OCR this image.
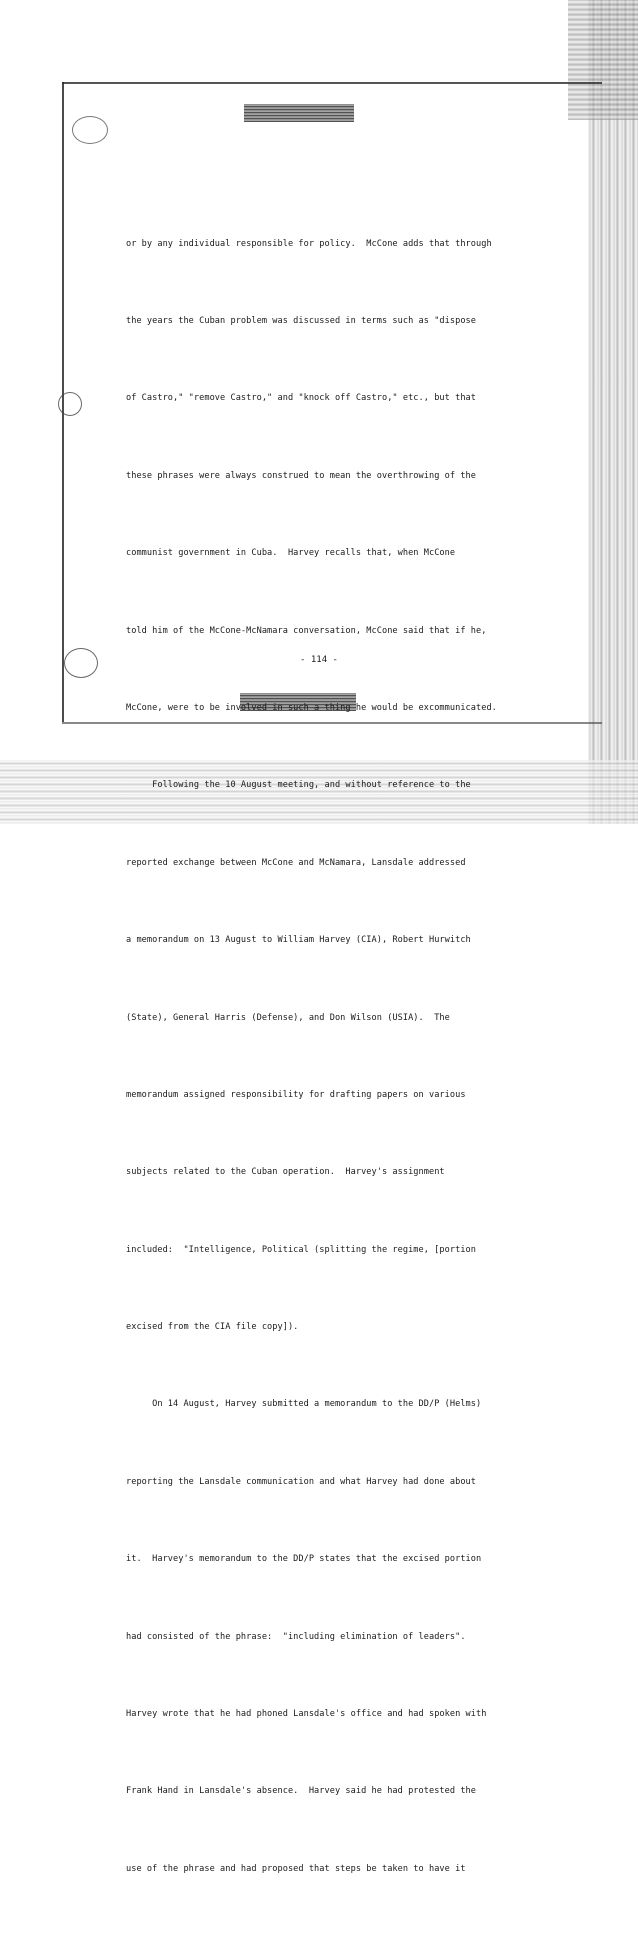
or by any individual responsible for policy.  McCone adds that through

the years the Cuban problem was discussed in terms such as "dispose

of Castro," "remove Castro," and "knock off Castro," etc., but that

these phrases were always construed to mean the overthrowing of the

communist government in Cuba.  Harvey recalls that, when McCone

told him of the McCone-McNamara conversation, McCone said that if he,

McCone, were to be involved in such a thing he would be excommunicated.

Following the 10 August meeting, and without reference to the

reported exchange between McCone and McNamara, Lansdale addressed

a memorandum on 13 August to William Harvey (CIA), Robert Hurwitch

(State), General Harris (Defense), and Don Wilson (USIA).  The

memorandum assigned responsibility for drafting papers on various

subjects related to the Cuban operation.  Harvey's assignment

included:  "Intelligence, Political (splitting the regime, [portion

excised from the CIA file copy]).

On 14 August, Harvey submitted a memorandum to the DD/P (Helms)

reporting the Lansdale communication and what Harvey had done about

it.  Harvey's memorandum to the DD/P states that the excised portion

had consisted of the phrase:  "including elimination of leaders".

Harvey wrote that he had phoned Lansdale's office and had spoken with

Frank Hand in Lansdale's absence.  Harvey said he had protested the

use of the phrase and had proposed that steps be taken to have it

- 114 -
